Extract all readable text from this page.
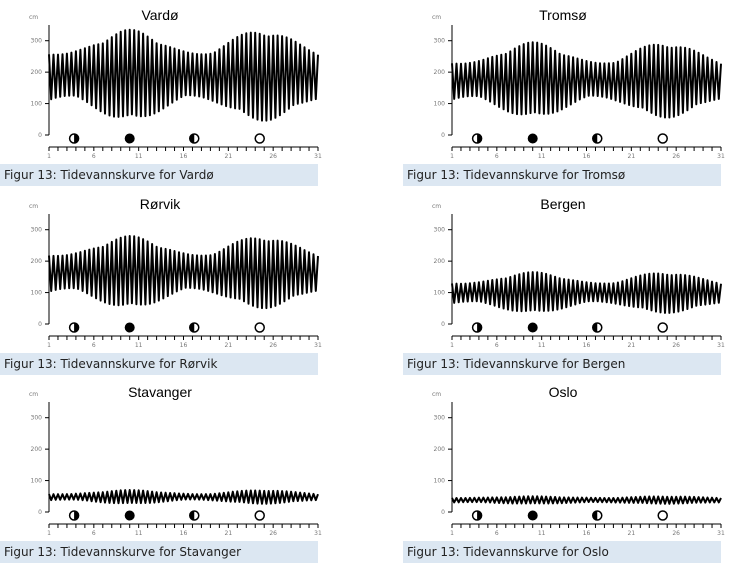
Vardø
cm
0
100
200
300
1	6	11	16	21	26	31
Figur 13: Tidevannskurve for Vardø
Tromsø
cm
0
100
200
300
1	6	11	16	21	26	31
Figur 13: Tidevannskurve for Tromsø
Rørvik
cm
0
100
200
300
1	6	11	16	21	26	31
Figur 13: Tidevannskurve for Rørvik
Bergen
cm
0
100
200
300
1	6	11	16	21	26	31
Figur 13: Tidevannskurve for Bergen
Stavanger
cm
0
100
200
300
1	6	11	16	21	26	31
Figur 13: Tidevannskurve for Stavanger
Oslo
cm
0
100
200
300
1	6	11	16	21	26	31
Figur 13: Tidevannskurve for Oslo
